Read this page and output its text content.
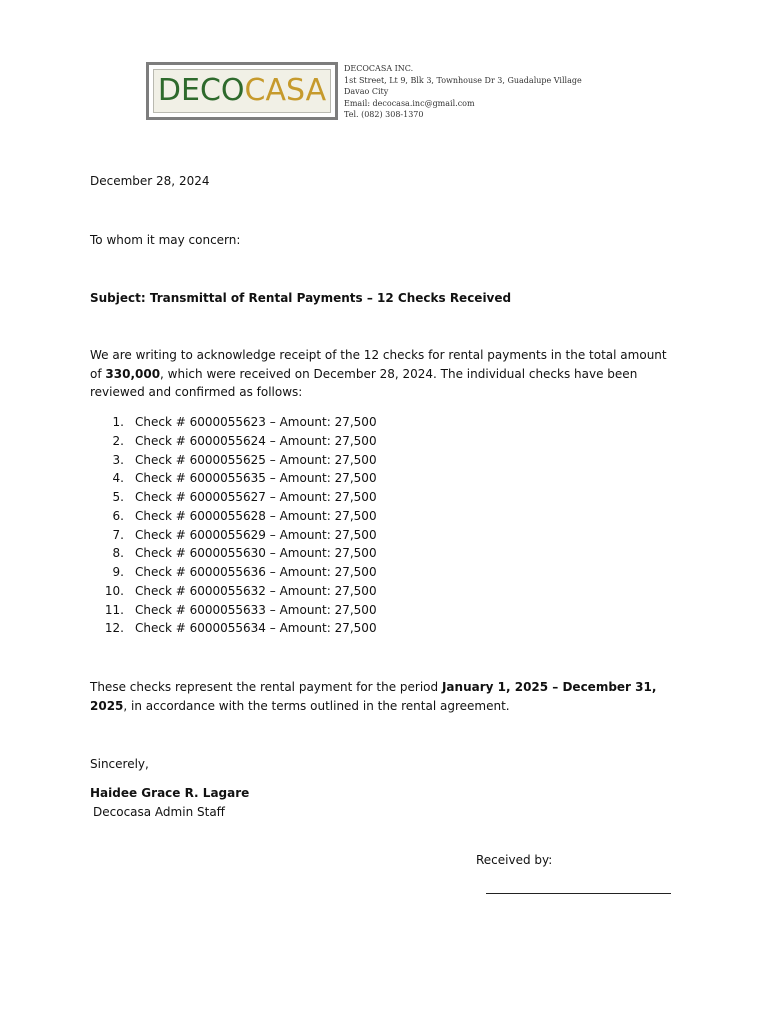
DECOCASA
DECOCASA INC.
1st Street, Lt 9, Blk 3, Townhouse Dr 3, Guadalupe Village
Davao City
Email: decocasa.inc@gmail.com
Tel. (082) 308-1370
December 28, 2024
To whom it may concern:
Subject: Transmittal of Rental Payments – 12 Checks Received
We are writing to acknowledge receipt of the 12 checks for rental payments in the total amount of 330,000, which were received on December 28, 2024. The individual checks have been reviewed and confirmed as follows:
1. Check # 6000055623 – Amount: 27,500
2. Check # 6000055624 – Amount: 27,500
3. Check # 6000055625 – Amount: 27,500
4. Check # 6000055635 – Amount: 27,500
5. Check # 6000055627 – Amount: 27,500
6. Check # 6000055628 – Amount: 27,500
7. Check # 6000055629 – Amount: 27,500
8. Check # 6000055630 – Amount: 27,500
9. Check # 6000055636 – Amount: 27,500
10. Check # 6000055632 – Amount: 27,500
11. Check # 6000055633 – Amount: 27,500
12. Check # 6000055634 – Amount: 27,500
These checks represent the rental payment for the period January 1, 2025 – December 31, 2025, in accordance with the terms outlined in the rental agreement.
Sincerely,
Haidee Grace R. Lagare
Decocasa Admin Staff
Received by:
